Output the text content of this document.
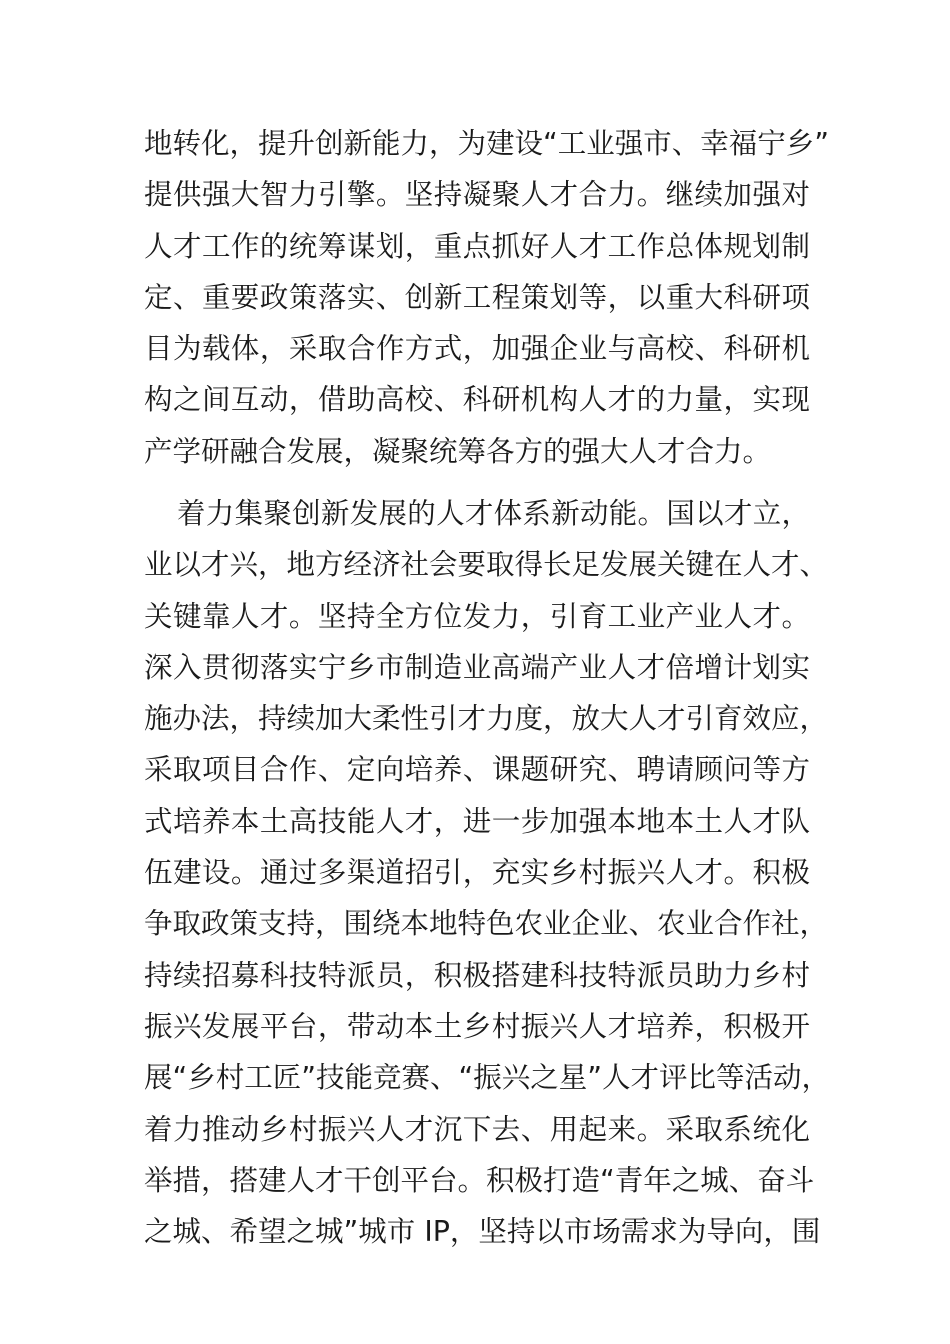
地转化，提升创新能力，为建设“工业强市、幸福宁乡”
提供强大智力引擎。坚持凝聚人才合力。继续加强对
人才工作的统筹谋划，重点抓好人才工作总体规划制
定、重要政策落实、创新工程策划等，以重大科研项
目为载体，采取合作方式，加强企业与高校、科研机
构之间互动，借助高校、科研机构人才的力量，实现
产学研融合发展，凝聚统筹各方的强大人才合力。
着力集聚创新发展的人才体系新动能。国以才立，
业以才兴，地方经济社会要取得长足发展关键在人才、
关键靠人才。坚持全方位发力，引育工业产业人才。
深入贯彻落实宁乡市制造业高端产业人才倍增计划实
施办法，持续加大柔性引才力度，放大人才引育效应，
采取项目合作、定向培养、课题研究、聘请顾问等方
式培养本土高技能人才，进一步加强本地本土人才队
伍建设。通过多渠道招引，充实乡村振兴人才。积极
争取政策支持，围绕本地特色农业企业、农业合作社，
持续招募科技特派员，积极搭建科技特派员助力乡村
振兴发展平台，带动本土乡村振兴人才培养，积极开
展“乡村工匠”技能竞赛、“振兴之星”人才评比等活动，
着力推动乡村振兴人才沉下去、用起来。采取系统化
举措，搭建人才干创平台。积极打造“青年之城、奋斗
之城、希望之城”城市 IP，坚持以市场需求为导向，围
